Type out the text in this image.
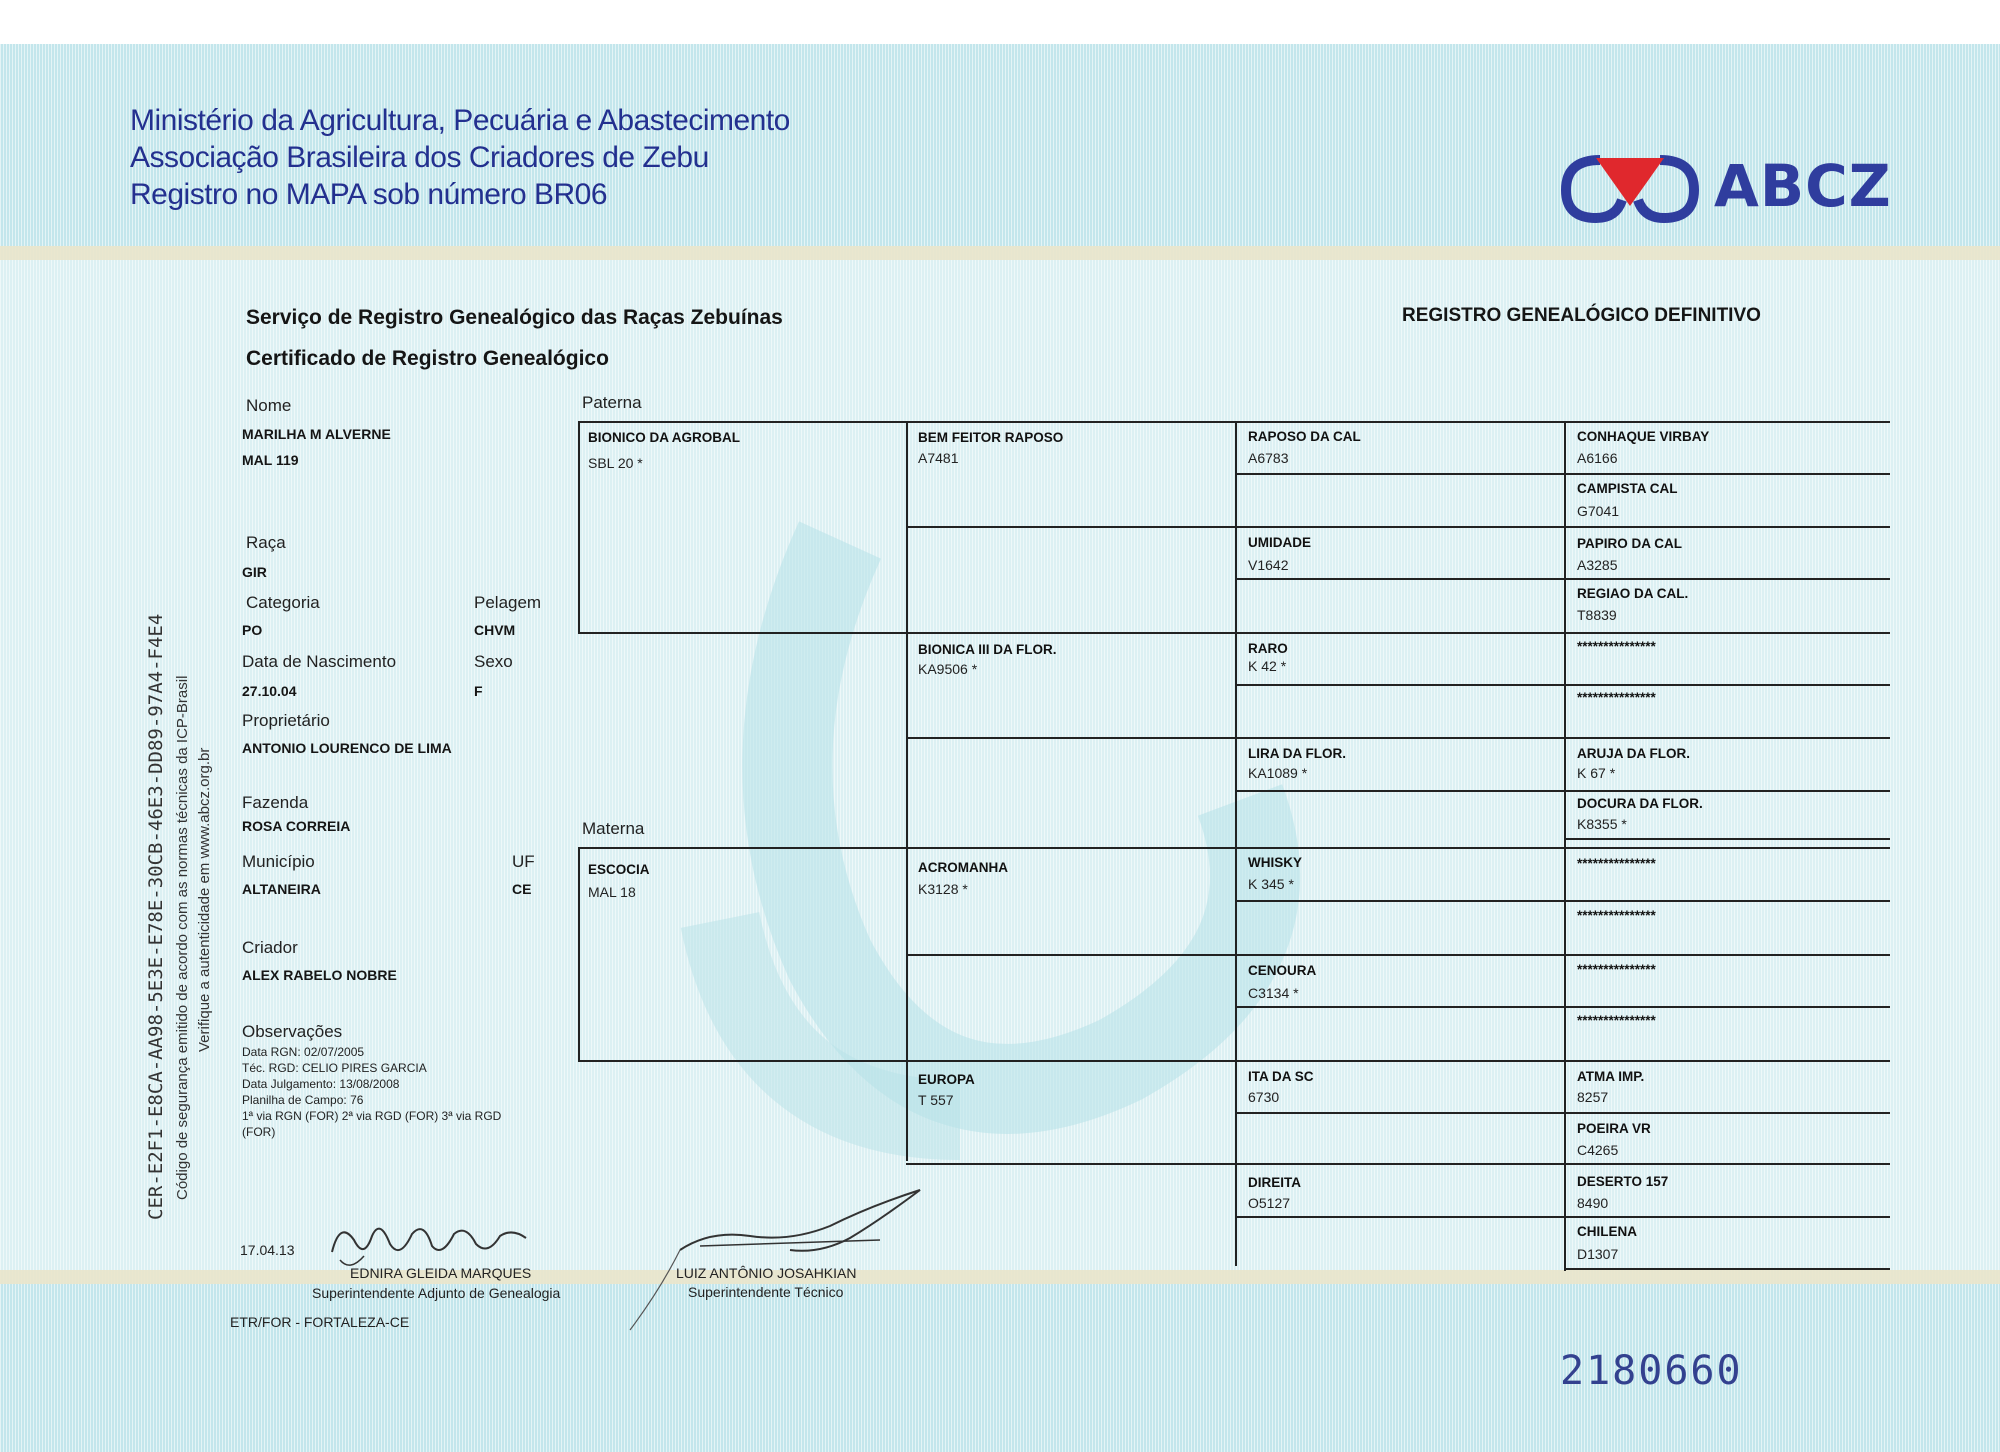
Ministério da Agricultura, Pecuária e Abastecimento
Associação Brasileira dos Criadores de Zebu
Registro no MAPA sob número BR06	ABCZ
Serviço de Registro Genealógico das Raças Zebuínas
Certificado de Registro Genealógico
REGISTRO GENEALÓGICO DEFINITIVO
Nome
MARILHA M ALVERNE
MAL 119
Raça
GIR
Categoria
PO
Pelagem
CHVM
Data de Nascimento
27.10.04
Sexo
F
Proprietário
ANTONIO LOURENCO DE LIMA
Fazenda
ROSA CORREIA
Município
ALTANEIRA
UF
CE
Criador
ALEX RABELO NOBRE
Observações
Data RGN: 02/07/2005
Téc. RGD: CELIO PIRES GARCIA
Data Julgamento: 13/08/2008
Planilha de Campo: 76
1ª via RGN (FOR) 2ª via RGD (FOR) 3ª via RGD
(FOR)
CER-E2F1-E8CA-AA98-5E3E-E78E-30CB-46E3-DD89-97A4-F4E4 Código de segurança emitido de acordo com as normas técnicas da ICP-Brasil Verifique a autenticidade em www.abcz.org.br
Paterna
Materna
BIONICO DA AGROBAL
SBL 20 *
ESCOCIA
MAL 18
BEM FEITOR RAPOSO
A7481
BIONICA III DA FLOR.
KA9506 *
ACROMANHA
K3128 *
EUROPA
T 557
RAPOSO DA CAL
A6783
UMIDADE
V1642
RARO
K 42 *
LIRA DA FLOR.
KA1089 *
WHISKY
K 345 *
CENOURA
C3134 *
ITA DA SC
6730
DIREITA
O5127
CONHAQUE VIRBAY
A6166
CAMPISTA CAL
G7041
PAPIRO DA CAL
A3285
REGIAO DA CAL.
T8839
***************
***************
ARUJA DA FLOR.
K 67 *
DOCURA DA FLOR.
K8355 *
***************
***************
***************
***************
ATMA IMP.
8257
POEIRA VR
C4265
DESERTO 157
8490
CHILENA
D1307
17.04.13
EDNIRA GLEIDA MARQUES
Superintendente Adjunto de Genealogia
LUIZ ANTÔNIO JOSAHKIAN
Superintendente Técnico
ETR/FOR - FORTALEZA-CE
2180660
